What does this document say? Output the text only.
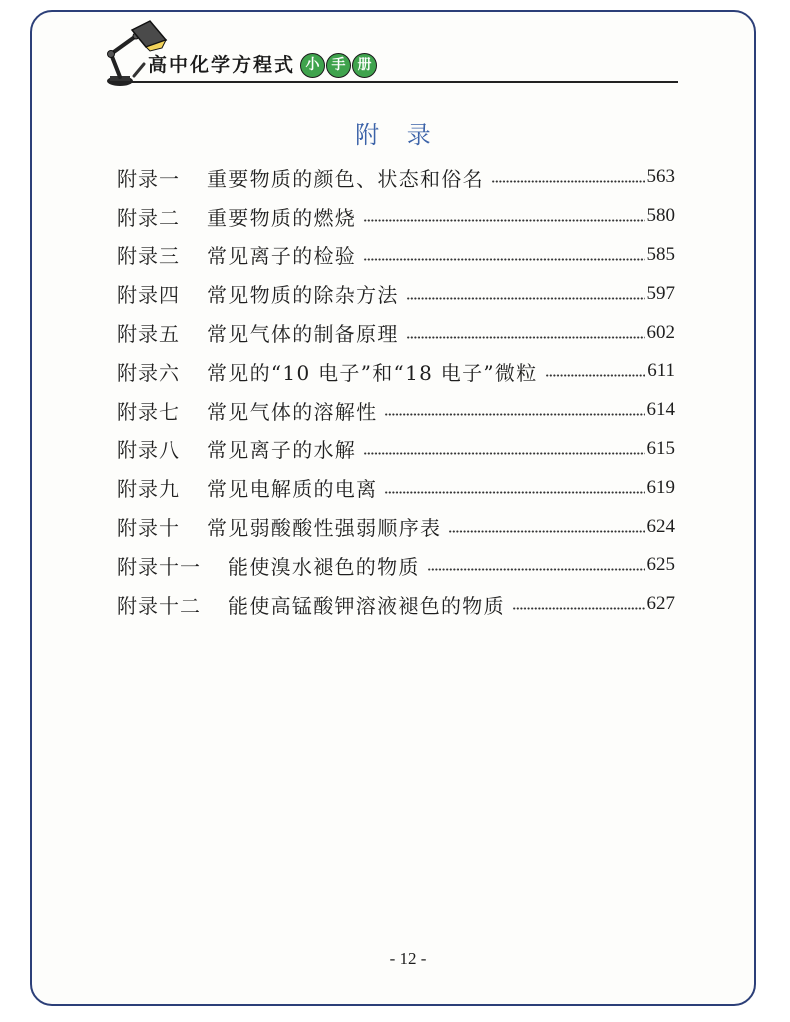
高中化学方程式 小 手 册
附 录
附录一 重要物质的颜色、状态和俗名	563
附录二 重要物质的燃烧	580
附录三 常见离子的检验	585
附录四 常见物质的除杂方法	597
附录五 常见气体的制备原理	602
附录六 常见的“10 电子”和“18 电子”微粒	611
附录七 常见气体的溶解性	614
附录八 常见离子的水解	615
附录九 常见电解质的电离	619
附录十 常见弱酸酸性强弱顺序表	624
附录十一 能使溴水褪色的物质	625
附录十二 能使高锰酸钾溶液褪色的物质	627
- 12 -
